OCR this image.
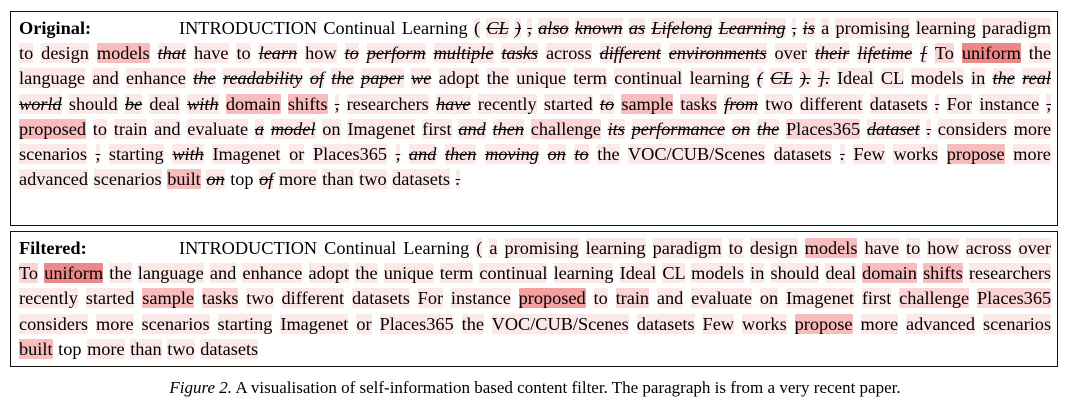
Original:	INTRODUCTION Continual Learning ( CL ) , also known as Lifelong Learning , is a promising learning paradigm to design models that have to learn how to perform multiple tasks across different environments over their lifetime [ To uniform the language and enhance the readability of the paper we adopt the unique term continual learning ( CL ). ]. Ideal CL models in the real world should be deal with domain shifts , researchers have recently started to sample tasks from two different datasets . For instance , proposed to train and evaluate a model on Imagenet first and then challenge its performance on the Places365 dataset . considers more scenarios , starting with Imagenet or Places365 , and then moving on to the VOC/CUB/Scenes datasets . Few works propose more advanced scenarios built on top of more than two datasets .
Filtered:	INTRODUCTION Continual Learning ( a promising learning paradigm to design models have to how across over To uniform the language and enhance adopt the unique term continual learning Ideal CL models in should deal domain shifts researchers recently started sample tasks two different datasets For instance proposed to train and evaluate on Imagenet first challenge Places365 considers more scenarios starting Imagenet or Places365 the VOC/CUB/Scenes datasets Few works propose more advanced scenarios built top more than two datasets
Figure 2. A visualisation of self-information based content filter. The paragraph is from a very recent paper.
